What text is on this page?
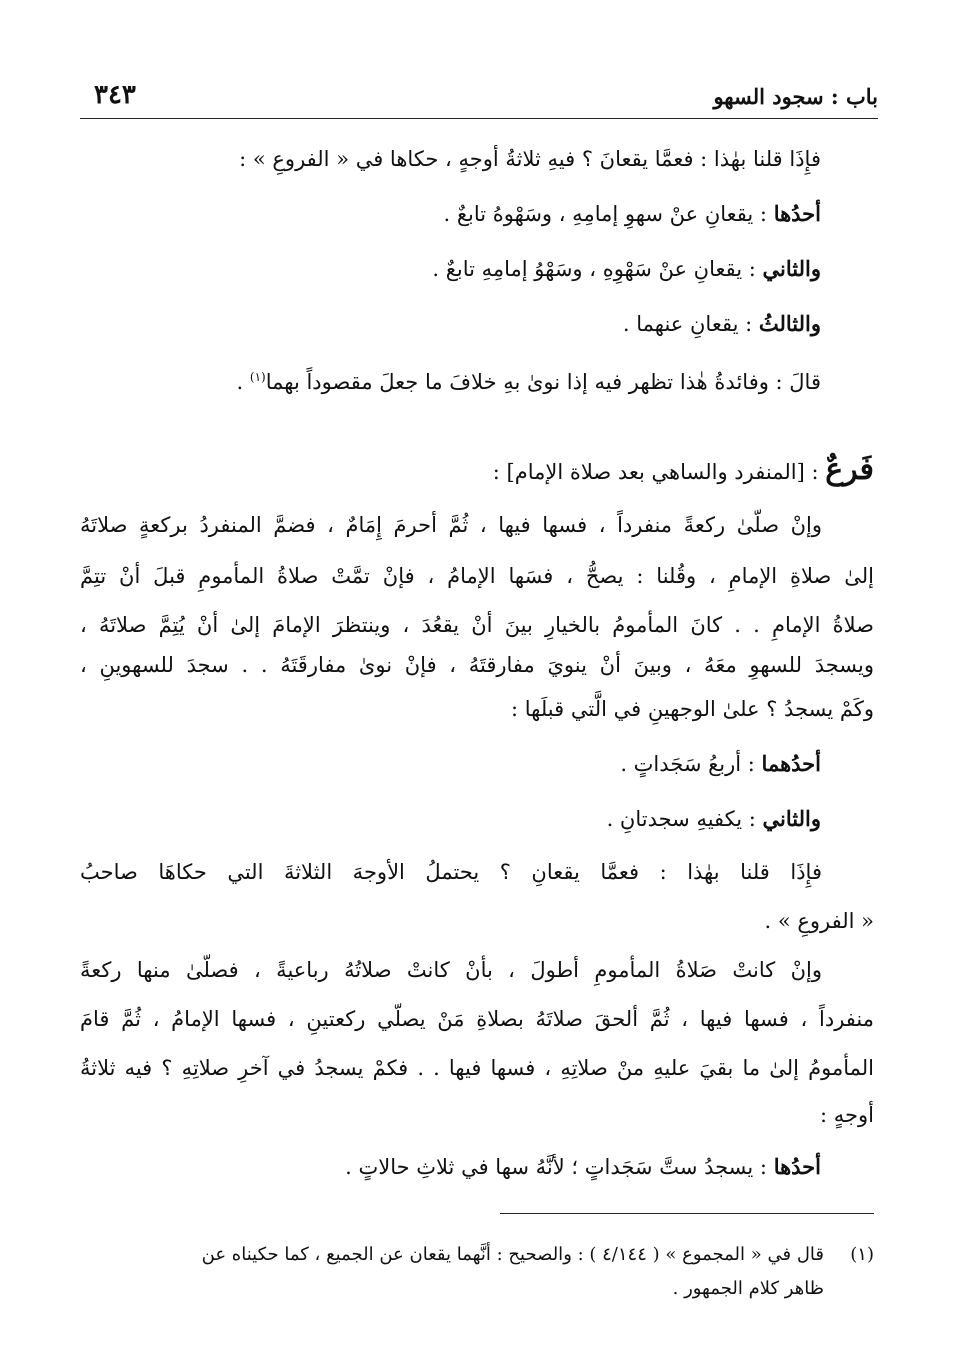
باب : سجود السهو
٣٤٣
فإِذَا قلنا بهٰذا : فعمَّا يقعانَ ؟ فيهِ ثلاثةُ أوجهٍ ، حكاها في « الفروعِ » :
أحدُها : يقعانِ عنْ سهوِ إمامِهِ ، وسَهْوهُ تابعٌ .
والثاني : يقعانِ عنْ سَهْوِهِ ، وسَهْوُ إمامِهِ تابعٌ .
والثالثُ : يقعانِ عنهما .
قالَ : وفائدةُ هٰذا تظهر فيه إذا نوىٰ بهِ خلافَ ما جعلَ مقصوداً بهما$^{(١)}$ .
فَرعٌ : [المنفرد والساهي بعد صلاة الإمام] :
وإنْ صلّىٰ ركعةً منفرداً ، فسها فيها ، ثُمَّ أحرمَ إِمَامٌ ، فضمَّ المنفردُ بركعةٍ صلاتَهُ
إلىٰ صلاةِ الإمامِ ، وقُلنا : يصحُّ ، فسَها الإمامُ ، فإنْ تمَّتْ صلاةُ المأمومِ قبلَ أنْ تتِمَّ
صلاةُ الإمامِ . . كانَ المأمومُ بالخيارِ بينَ أنْ يقعُدَ ، وينتظرَ الإمامَ إلىٰ أنْ يُتِمَّ صلاتَهُ ،
ويسجدَ للسهوِ معَهُ ، وبينَ أنْ ينويَ مفارقتَهُ ، فإنْ نوىٰ مفارقَتَهُ . . سجدَ للسهوينِ ،
وكَمْ يسجدُ ؟ علىٰ الوجهينِ في الَّتي قبلَها :
أحدُهما : أربعُ سَجَداتٍ .
والثاني : يكفيهِ سجدتانِ .
فإِذَا قلنا بهٰذا : فعمَّا يقعانِ ؟ يحتملُ الأوجهَ الثلاثةَ التي حكاهَا صاحبُ
« الفروعِ » .
وإنْ كانتْ صَلاةُ المأمومِ أطولَ ، بأنْ كانتْ صلاتُهُ رباعيةً ، فصلّىٰ منها ركعةً
منفرداً ، فسها فيها ، ثُمَّ ألحقَ صلاتَهُ بصلاةِ مَنْ يصلّي ركعتينِ ، فسها الإمامُ ، ثُمَّ قامَ
المأمومُ إلىٰ ما بقيَ عليهِ منْ صلاتِهِ ، فسها فيها . . فكمْ يسجدُ في آخرِ صلاتِهِ ؟ فيه ثلاثةُ
أوجهٍ :
أحدُها : يسجدُ ستَّ سَجَداتٍ ؛ لأنَّهُ سها في ثلاثِ حالاتٍ .
(١)قال في « المجموع » ( ٤/١٤٤ ) : والصحيح : أنَّهما يقعان عن الجميع ، كما حكيناه عن
ظاهر كلام الجمهور .
